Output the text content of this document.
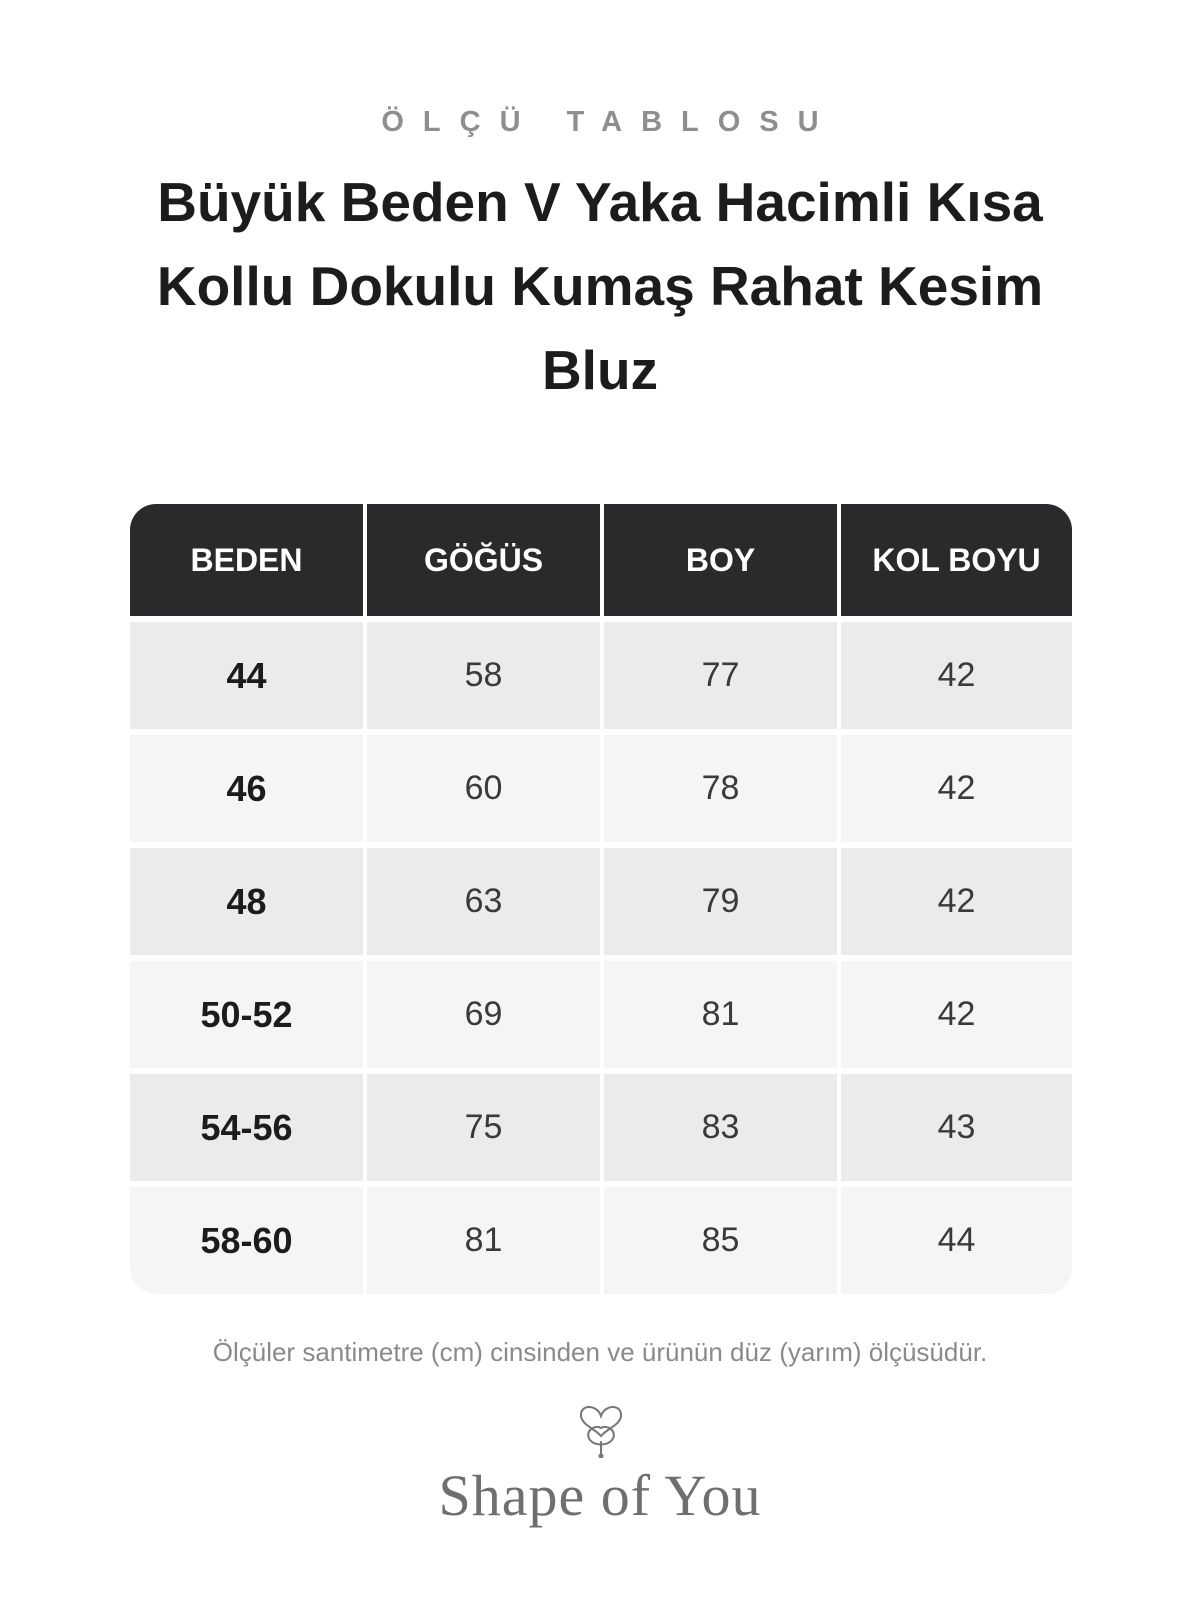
ÖLÇÜ TABLOSU
Büyük Beden V Yaka Hacimli Kısa Kollu Dokulu Kumaş Rahat Kesim Bluz
BEDEN	GÖĞÜS	BOY	KOL BOYU
44	58	77	42
46	60	78	42
48	63	79	42
50-52	69	81	42
54-56	75	83	43
58-60	81	85	44
Ölçüler santimetre (cm) cinsinden ve ürünün düz (yarım) ölçüsüdür.
Shape of You
